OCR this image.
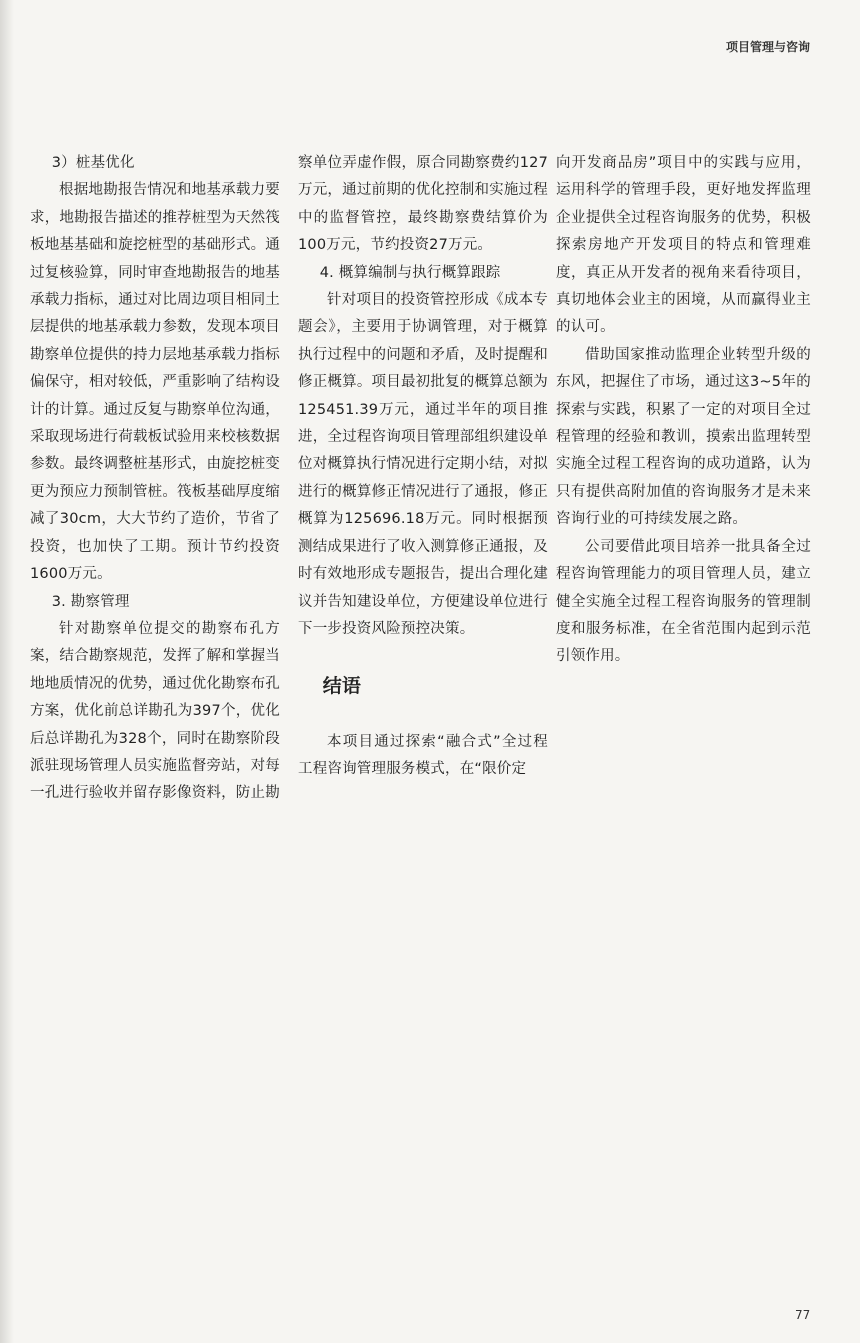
项目管理与咨询
3）桩基优化

根据地勘报告情况和地基承载力要求，地勘报告描述的推荐桩型为天然筏板地基基础和旋挖桩型的基础形式。通过复核验算，同时审查地勘报告的地基承载力指标，通过对比周边项目相同土层提供的地基承载力参数，发现本项目勘察单位提供的持力层地基承载力指标偏保守，相对较低，严重影响了结构设计的计算。通过反复与勘察单位沟通，采取现场进行荷载板试验用来校核数据参数。最终调整桩基形式，由旋挖桩变更为预应力预制管桩。筏板基础厚度缩减了30cm，大大节约了造价，节省了投资，也加快了工期。预计节约投资1600万元。

3. 勘察管理

针对勘察单位提交的勘察布孔方案，结合勘察规范，发挥了解和掌握当地地质情况的优势，通过优化勘察布孔方案，优化前总详勘孔为397个，优化后总详勘孔为328个，同时在勘察阶段派驻现场管理人员实施监督旁站，对每一孔进行验收并留存影像资料，防止勘

察单位弄虚作假，原合同勘察费约127万元，通过前期的优化控制和实施过程中的监督管控，最终勘察费结算价为100万元，节约投资27万元。

4. 概算编制与执行概算跟踪

针对项目的投资管控形成《成本专题会》，主要用于协调管理，对于概算执行过程中的问题和矛盾，及时提醒和修正概算。项目最初批复的概算总额为125451.39万元，通过半年的项目推进，全过程咨询项目管理部组织建设单位对概算执行情况进行定期小结，对拟进行的概算修正情况进行了通报，修正概算为125696.18万元。同时根据预测结成果进行了收入测算修正通报，及时有效地形成专题报告，提出合理化建议并告知建设单位，方便建设单位进行下一步投资风险预控决策。

结语

本项目通过探索“融合式”全过程工程咨询管理服务模式，在“限价定

向开发商品房”项目中的实践与应用，运用科学的管理手段，更好地发挥监理企业提供全过程咨询服务的优势，积极探索房地产开发项目的特点和管理难度，真正从开发者的视角来看待项目，真切地体会业主的困境，从而赢得业主的认可。

借助国家推动监理企业转型升级的东风，把握住了市场，通过这3~5年的探索与实践，积累了一定的对项目全过程管理的经验和教训，摸索出监理转型实施全过程工程咨询的成功道路，认为只有提供高附加值的咨询服务才是未来咨询行业的可持续发展之路。

公司要借此项目培养一批具备全过程咨询管理能力的项目管理人员，建立健全实施全过程工程咨询服务的管理制度和服务标准，在全省范围内起到示范引领作用。

77
